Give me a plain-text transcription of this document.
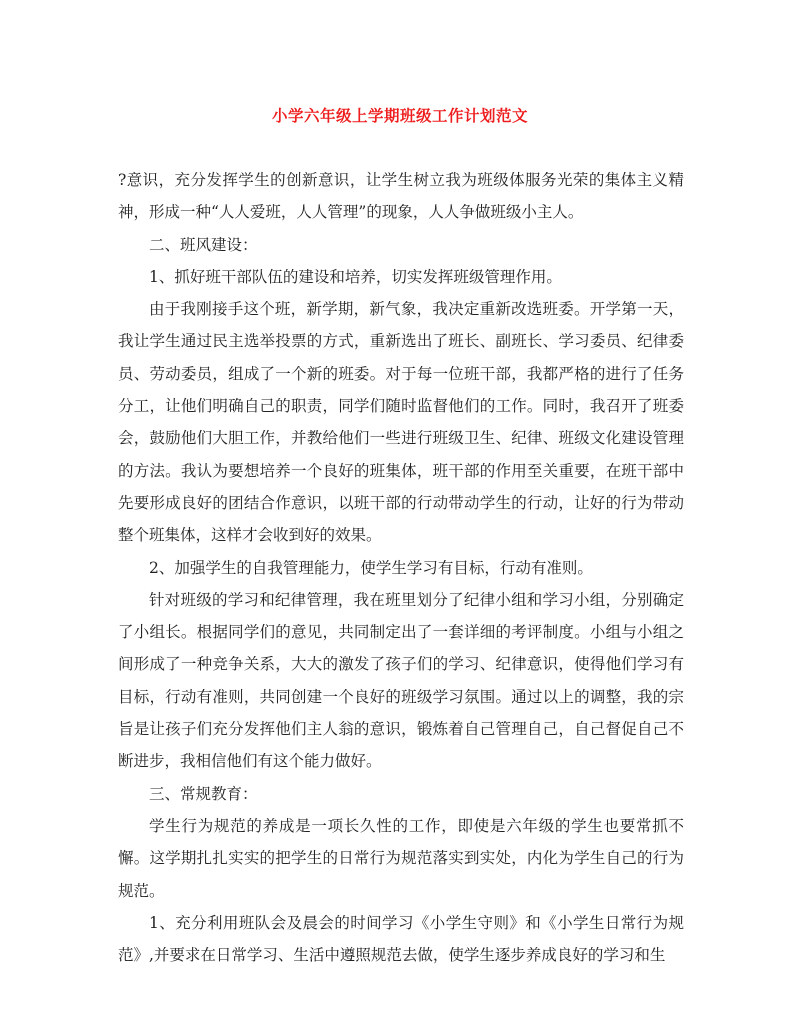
小学六年级上学期班级工作计划范文

?意识，充分发挥学生的创新意识，让学生树立我为班级体服务光荣的集体主义精神，形成一种“人人爱班，人人管理”的现象，人人争做班级小主人。

二、班风建设：

1、抓好班干部队伍的建设和培养，切实发挥班级管理作用。

由于我刚接手这个班，新学期，新气象，我决定重新改选班委。开学第一天，我让学生通过民主选举投票的方式，重新选出了班长、副班长、学习委员、纪律委员、劳动委员，组成了一个新的班委。对于每一位班干部，我都严格的进行了任务分工，让他们明确自己的职责，同学们随时监督他们的工作。同时，我召开了班委会，鼓励他们大胆工作，并教给他们一些进行班级卫生、纪律、班级文化建设管理的方法。我认为要想培养一个良好的班集体，班干部的作用至关重要，在班干部中先要形成良好的团结合作意识，以班干部的行动带动学生的行动，让好的行为带动整个班集体，这样才会收到好的效果。

2、加强学生的自我管理能力，使学生学习有目标，行动有准则。

针对班级的学习和纪律管理，我在班里划分了纪律小组和学习小组，分别确定了小组长。根据同学们的意见，共同制定出了一套详细的考评制度。小组与小组之间形成了一种竞争关系，大大的激发了孩子们的学习、纪律意识，使得他们学习有目标，行动有准则，共同创建一个良好的班级学习氛围。通过以上的调整，我的宗旨是让孩子们充分发挥他们主人翁的意识，锻炼着自己管理自己，自己督促自己不断进步，我相信他们有这个能力做好。

三、常规教育：

学生行为规范的养成是一项长久性的工作，即使是六年级的学生也要常抓不懈。这学期扎扎实实的把学生的日常行为规范落实到实处，内化为学生自己的行为规范。

1、充分利用班队会及晨会的时间学习《小学生守则》和《小学生日常行为规范》,并要求在日常学习、生活中遵照规范去做，使学生逐步养成良好的学习和生
